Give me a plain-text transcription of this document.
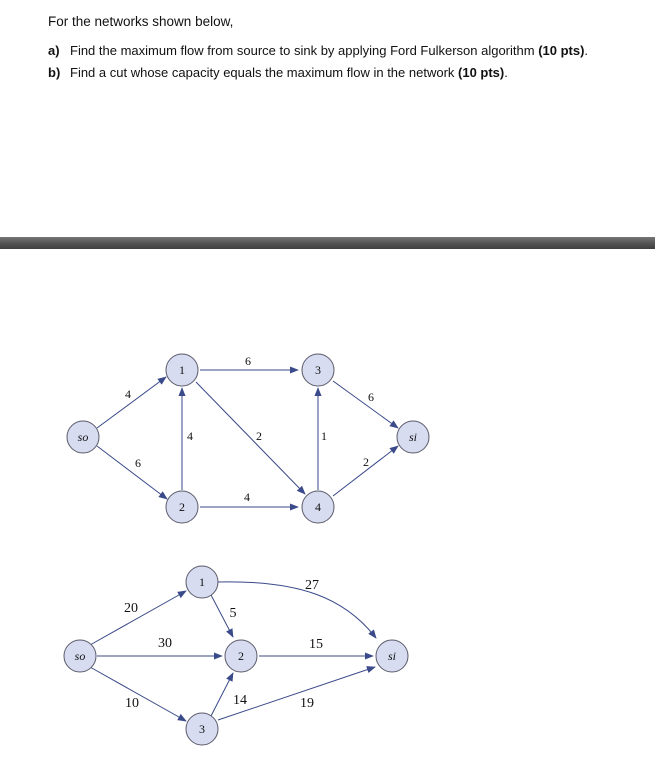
For the networks shown below,

a) Find the maximum flow from source to sink by applying Ford Fulkerson algorithm (10 pts).

b) Find a cut whose capacity equals the maximum flow in the network (10 pts).

so
1
2
3
4
si
4
6
4
6
2
4
1
6
2
so
1
2
3
si
20
30
10
5
14
27
15
19
